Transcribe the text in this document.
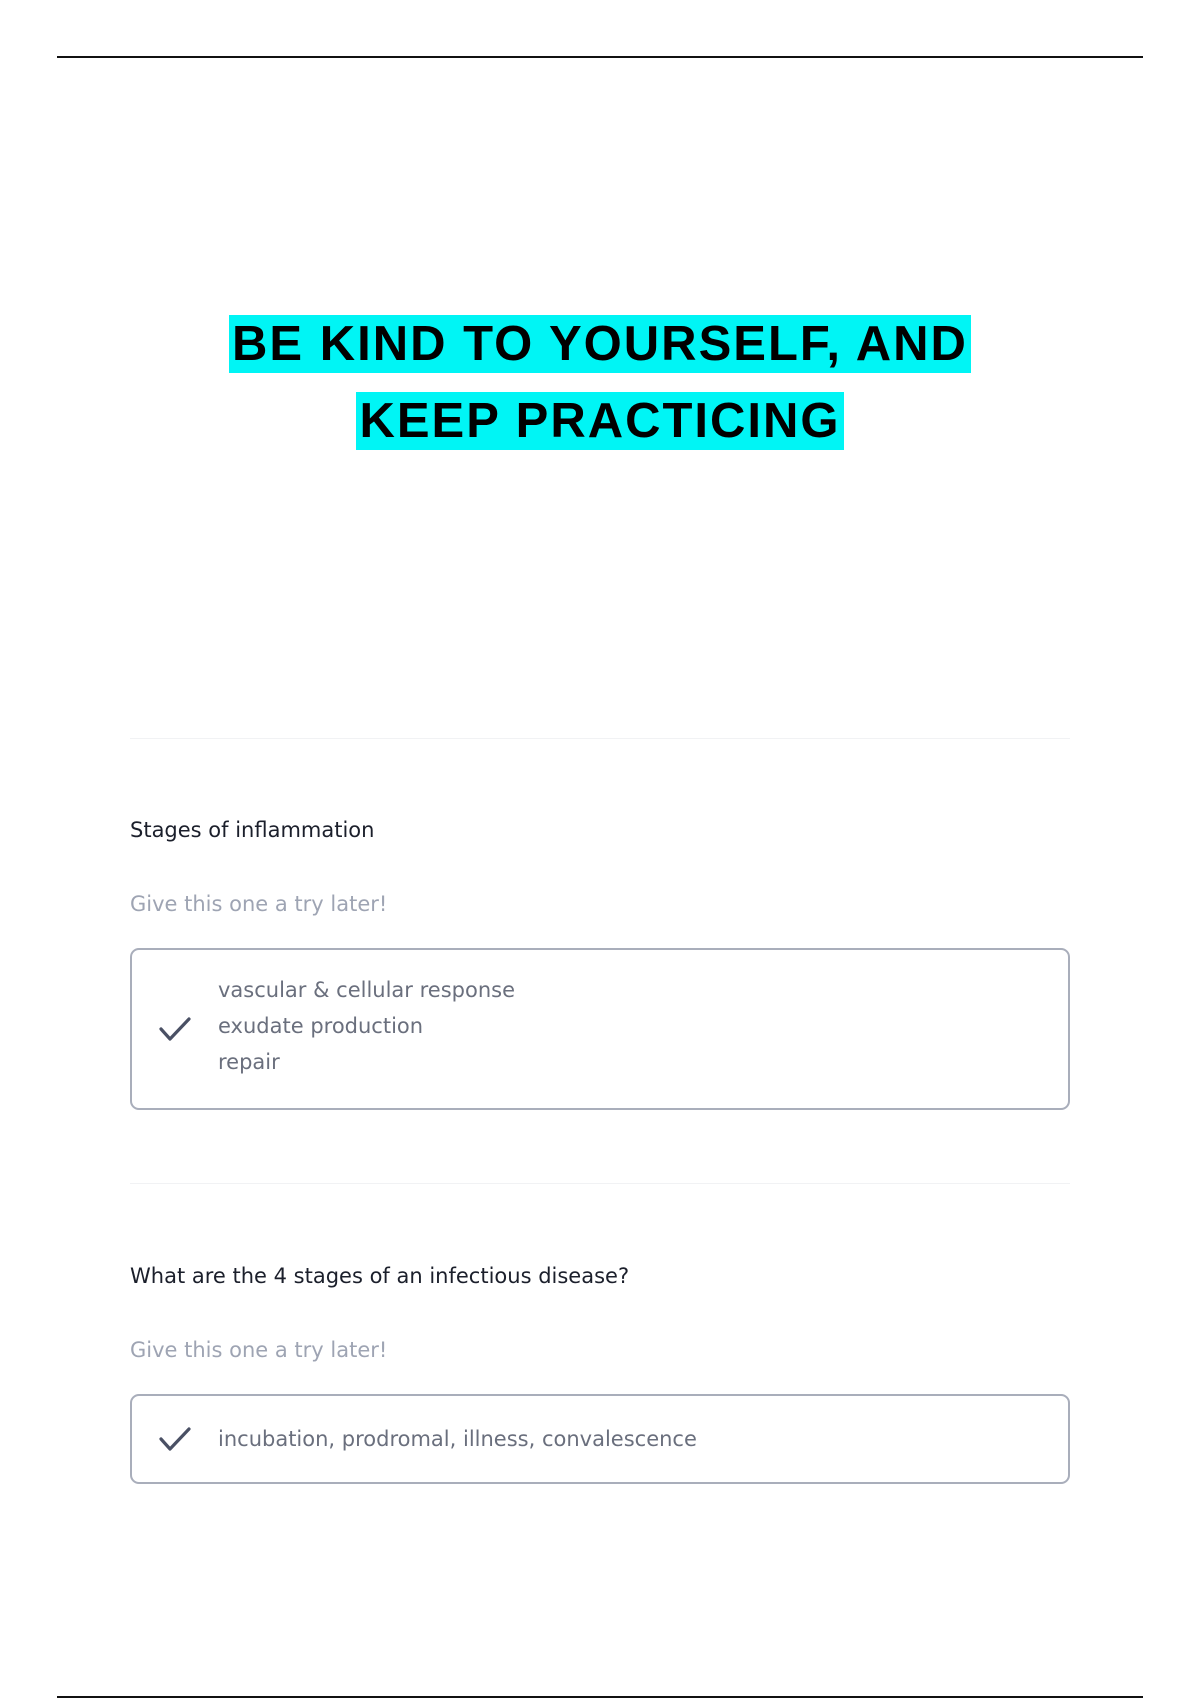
BE KIND TO YOURSELF, AND
KEEP PRACTICING

Stages of inflammation

Give this one a try later!

vascular & cellular response
exudate production
repair

What are the 4 stages of an infectious disease?

Give this one a try later!

incubation, prodromal, illness, convalescence
